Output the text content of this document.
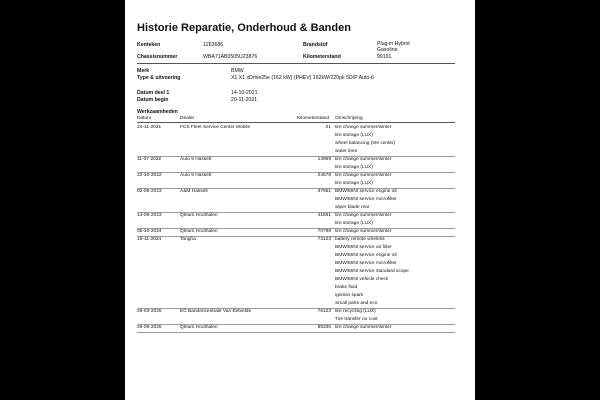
Historie Reparatie, Onderhoud & Banden
Kenteken	1263686
Chassisnummer	WBA71AB0505U23876
Brandstof	Plug-in Hybrid
Gasoline
Kilometerstand	99191
Merk	BMW
Type & uitvoering	X1 X1 xDrive25e (162 kW) (PHEV) 162kW/220pk 5D/P Auto-6
Datum deel 1	14-10-2021
Datum begin	20-11-2021
Werkzaamheden
Datum	Dealer	Kilometerstand Omschrijving
24-11-2021	FCS Fleet Service Center Mobile	21 tire change summer/winter
tire storage (LUX)
wheel balancing (tire center)
water tires
11-07-2022	Auto 5 Hasselt	14969 tire change summer/winter
tire storage (LUX)
22-10-2022	Auto 5 Hasselt	24578 tire change summer/winter
tire storage (LUX)
02-05-2023	A&M Hasselt	37951 BMW/MINI service engine oil
BMW/MINI service microfilter
wiper blade rear
14-06-2023	Qteam Houthalen	41561 tire change summer/winter
tire storage (LUX)
05-10-2024	Qteam Houthalen	70788 tire change summer/winter
18-11-2024	Tangha	73123 battery remote wireless
BMW/MINI service air filter
BMW/MINI service engine oil
BMW/MINI service microfilter
BMW/MINI service standard scope
BMW/MINI vehicle check
brake fluid
ignition spark
Small parts and eco
28-03-2025	EC Bandencentrale Van Eetvelde	76123 tire recycling (LUX)
Tire transfer no cost
28-06-2025	Qteam Houthalen	85336 tire change summer/winter
